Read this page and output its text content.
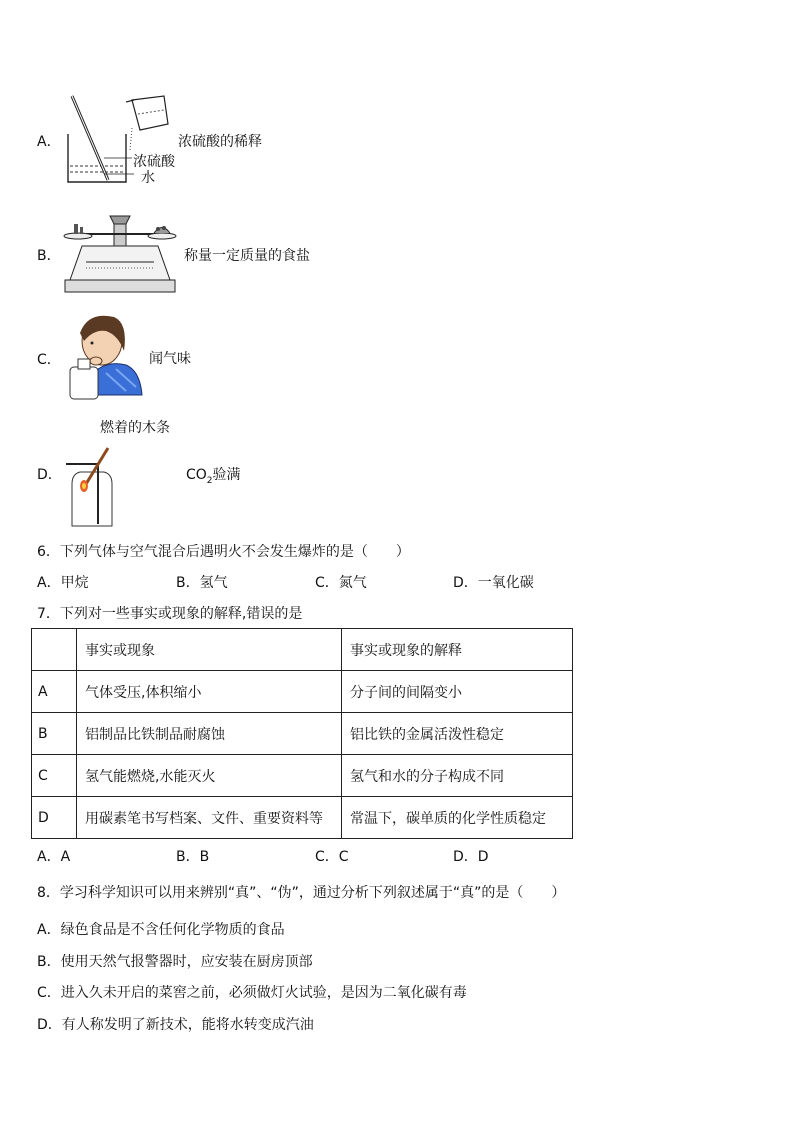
A．
浓硫酸
水
浓硫酸的稀释
B．	称量一定质量的食盐
C．	闻气味
燃着的木条
D．	$CO_2$验满
6．下列气体与空气混合后遇明火不会发生爆炸的是（　　）
A．甲烷	B．氢气	C．氮气	D．一氧化碳
7．下列对一些事实或现象的解释,错误的是
	事实或现象	事实或现象的解释
A	气体受压,体积缩小	分子间的间隔变小
B	铝制品比铁制品耐腐蚀	铝比铁的金属活泼性稳定
C	氢气能燃烧,水能灭火	氢气和水的分子构成不同
D	用碳素笔书写档案、文件、重要资料等	常温下，碳单质的化学性质稳定
A．A	B．B	C．C	D．D
8．学习科学知识可以用来辨别“真”、“伪”，通过分析下列叙述属于“真”的是（　　）
A．绿色食品是不含任何化学物质的食品
B．使用天然气报警器时，应安装在厨房顶部
C．进入久未开启的菜窖之前，必须做灯火试验，是因为二氧化碳有毒
D．有人称发明了新技术，能将水转变成汽油
